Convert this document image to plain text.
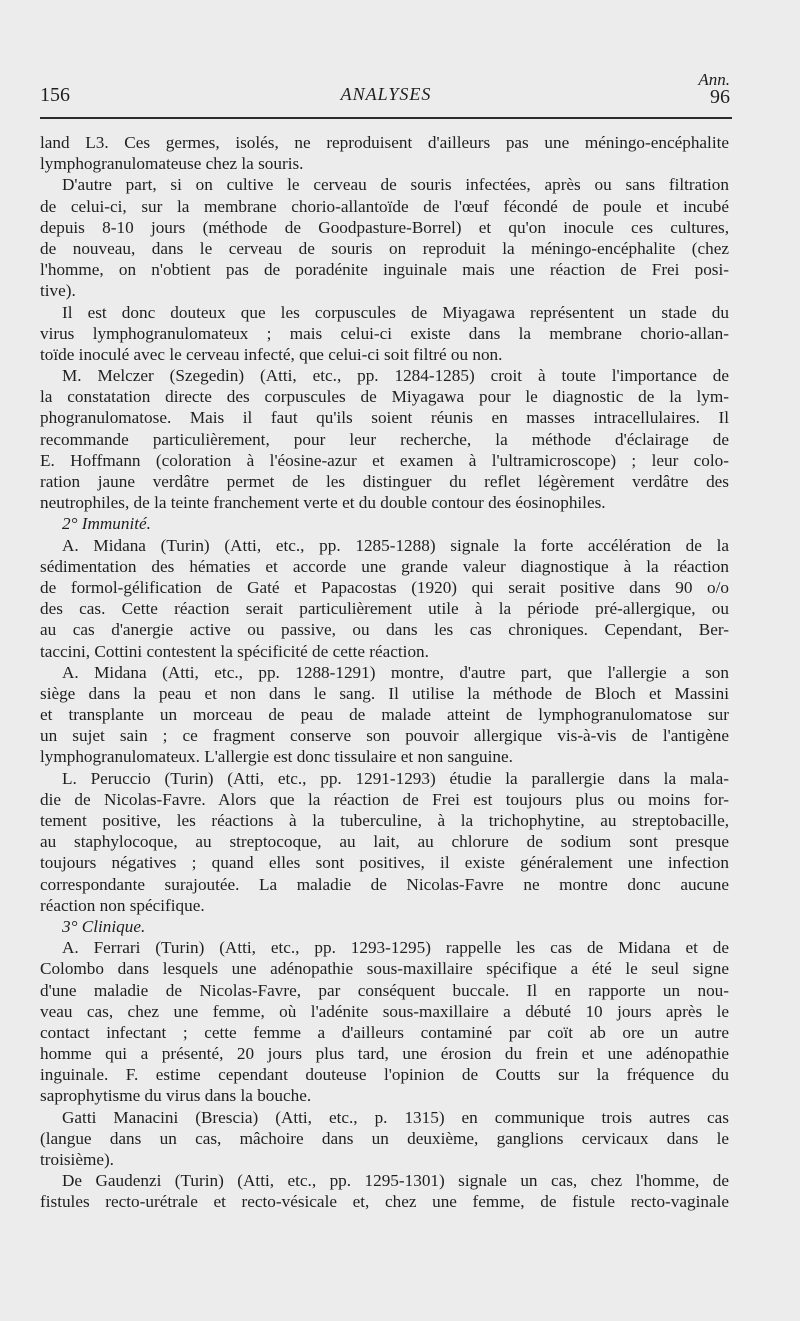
156	ANALYSES
Ann.
96
land L3. Ces germes, isolés, ne reproduisent d'ailleurs pas une méningo-encéphalite
lymphogranulomateuse chez la souris.
D'autre part, si on cultive le cerveau de souris infectées, après ou sans filtration
de celui-ci, sur la membrane chorio-allantoïde de l'œuf fécondé de poule et incubé
depuis 8-10 jours (méthode de Goodpasture-Borrel) et qu'on inocule ces cultures,
de nouveau, dans le cerveau de souris on reproduit la méningo-encéphalite (chez
l'homme, on n'obtient pas de poradénite inguinale mais une réaction de Frei posi-
tive).
Il est donc douteux que les corpuscules de Miyagawa représentent un stade du
virus lymphogranulomateux ; mais celui-ci existe dans la membrane chorio-allan-
toïde inoculé avec le cerveau infecté, que celui-ci soit filtré ou non.
M. Melczer (Szegedin) (Atti, etc., pp. 1284-1285) croit à toute l'importance de
la constatation directe des corpuscules de Miyagawa pour le diagnostic de la lym-
phogranulomatose. Mais il faut qu'ils soient réunis en masses intracellulaires. Il
recommande particulièrement, pour leur recherche, la méthode d'éclairage de
E. Hoffmann (coloration à l'éosine-azur et examen à l'ultramicroscope) ; leur colo-
ration jaune verdâtre permet de les distinguer du reflet légèrement verdâtre des
neutrophiles, de la teinte franchement verte et du double contour des éosinophiles.
2° Immunité.
A. Midana (Turin) (Atti, etc., pp. 1285-1288) signale la forte accélération de la
sédimentation des hématies et accorde une grande valeur diagnostique à la réaction
de formol-gélification de Gaté et Papacostas (1920) qui serait positive dans 90 o/o
des cas. Cette réaction serait particulièrement utile à la période pré-allergique, ou
au cas d'anergie active ou passive, ou dans les cas chroniques. Cependant, Ber-
taccini, Cottini contestent la spécificité de cette réaction.
A. Midana (Atti, etc., pp. 1288-1291) montre, d'autre part, que l'allergie a son
siège dans la peau et non dans le sang. Il utilise la méthode de Bloch et Massini
et transplante un morceau de peau de malade atteint de lymphogranulomatose sur
un sujet sain ; ce fragment conserve son pouvoir allergique vis-à-vis de l'antigène
lymphogranulomateux. L'allergie est donc tissulaire et non sanguine.
L. Peruccio (Turin) (Atti, etc., pp. 1291-1293) étudie la parallergie dans la mala-
die de Nicolas-Favre. Alors que la réaction de Frei est toujours plus ou moins for-
tement positive, les réactions à la tuberculine, à la trichophytine, au streptobacille,
au staphylocoque, au streptocoque, au lait, au chlorure de sodium sont presque
toujours négatives ; quand elles sont positives, il existe généralement une infection
correspondante surajoutée. La maladie de Nicolas-Favre ne montre donc aucune
réaction non spécifique.
3° Clinique.
A. Ferrari (Turin) (Atti, etc., pp. 1293-1295) rappelle les cas de Midana et de
Colombo dans lesquels une adénopathie sous-maxillaire spécifique a été le seul signe
d'une maladie de Nicolas-Favre, par conséquent buccale. Il en rapporte un nou-
veau cas, chez une femme, où l'adénite sous-maxillaire a débuté 10 jours après le
contact infectant ; cette femme a d'ailleurs contaminé par coït ab ore un autre
homme qui a présenté, 20 jours plus tard, une érosion du frein et une adénopathie
inguinale. F. estime cependant douteuse l'opinion de Coutts sur la fréquence du
saprophytisme du virus dans la bouche.
Gatti Manacini (Brescia) (Atti, etc., p. 1315) en communique trois autres cas
(langue dans un cas, mâchoire dans un deuxième, ganglions cervicaux dans le
troisième).
De Gaudenzi (Turin) (Atti, etc., pp. 1295-1301) signale un cas, chez l'homme, de
fistules recto-urétrale et recto-vésicale et, chez une femme, de fistule recto-vaginale
